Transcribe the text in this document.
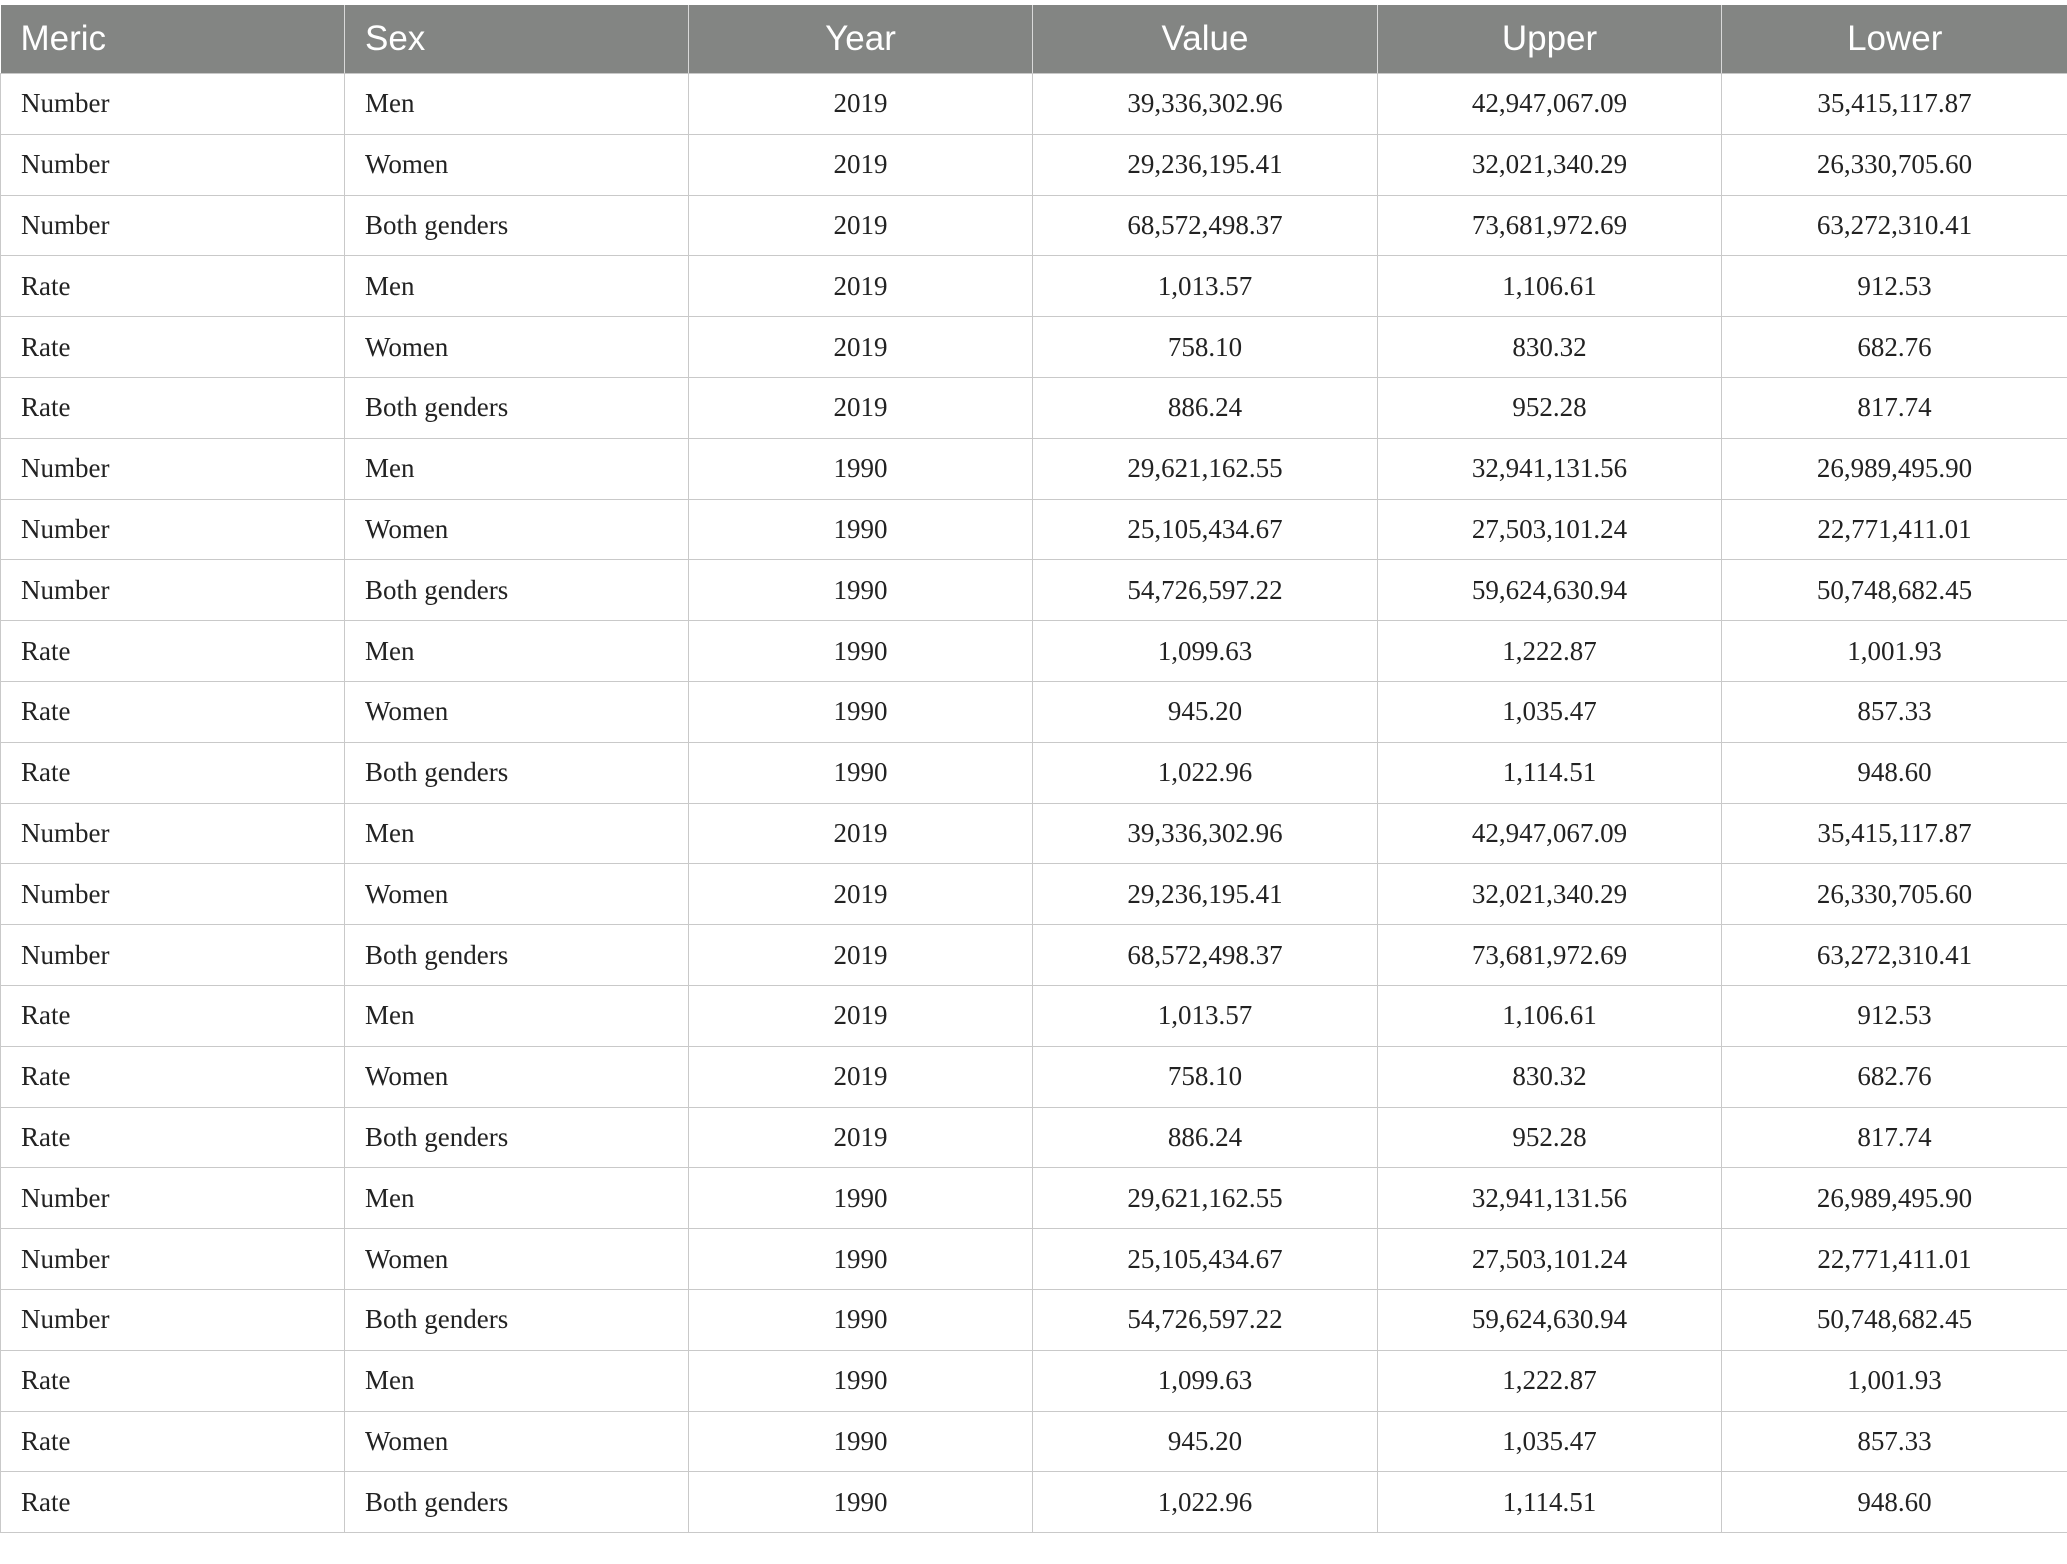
Meric	Sex	Year	Value	Upper	Lower
Number	Men	2019	39,336,302.96	42,947,067.09	35,415,117.87
Number	Women	2019	29,236,195.41	32,021,340.29	26,330,705.60
Number	Both genders	2019	68,572,498.37	73,681,972.69	63,272,310.41
Rate	Men	2019	1,013.57	1,106.61	912.53
Rate	Women	2019	758.10	830.32	682.76
Rate	Both genders	2019	886.24	952.28	817.74
Number	Men	1990	29,621,162.55	32,941,131.56	26,989,495.90
Number	Women	1990	25,105,434.67	27,503,101.24	22,771,411.01
Number	Both genders	1990	54,726,597.22	59,624,630.94	50,748,682.45
Rate	Men	1990	1,099.63	1,222.87	1,001.93
Rate	Women	1990	945.20	1,035.47	857.33
Rate	Both genders	1990	1,022.96	1,114.51	948.60
Number	Men	2019	39,336,302.96	42,947,067.09	35,415,117.87
Number	Women	2019	29,236,195.41	32,021,340.29	26,330,705.60
Number	Both genders	2019	68,572,498.37	73,681,972.69	63,272,310.41
Rate	Men	2019	1,013.57	1,106.61	912.53
Rate	Women	2019	758.10	830.32	682.76
Rate	Both genders	2019	886.24	952.28	817.74
Number	Men	1990	29,621,162.55	32,941,131.56	26,989,495.90
Number	Women	1990	25,105,434.67	27,503,101.24	22,771,411.01
Number	Both genders	1990	54,726,597.22	59,624,630.94	50,748,682.45
Rate	Men	1990	1,099.63	1,222.87	1,001.93
Rate	Women	1990	945.20	1,035.47	857.33
Rate	Both genders	1990	1,022.96	1,114.51	948.60
